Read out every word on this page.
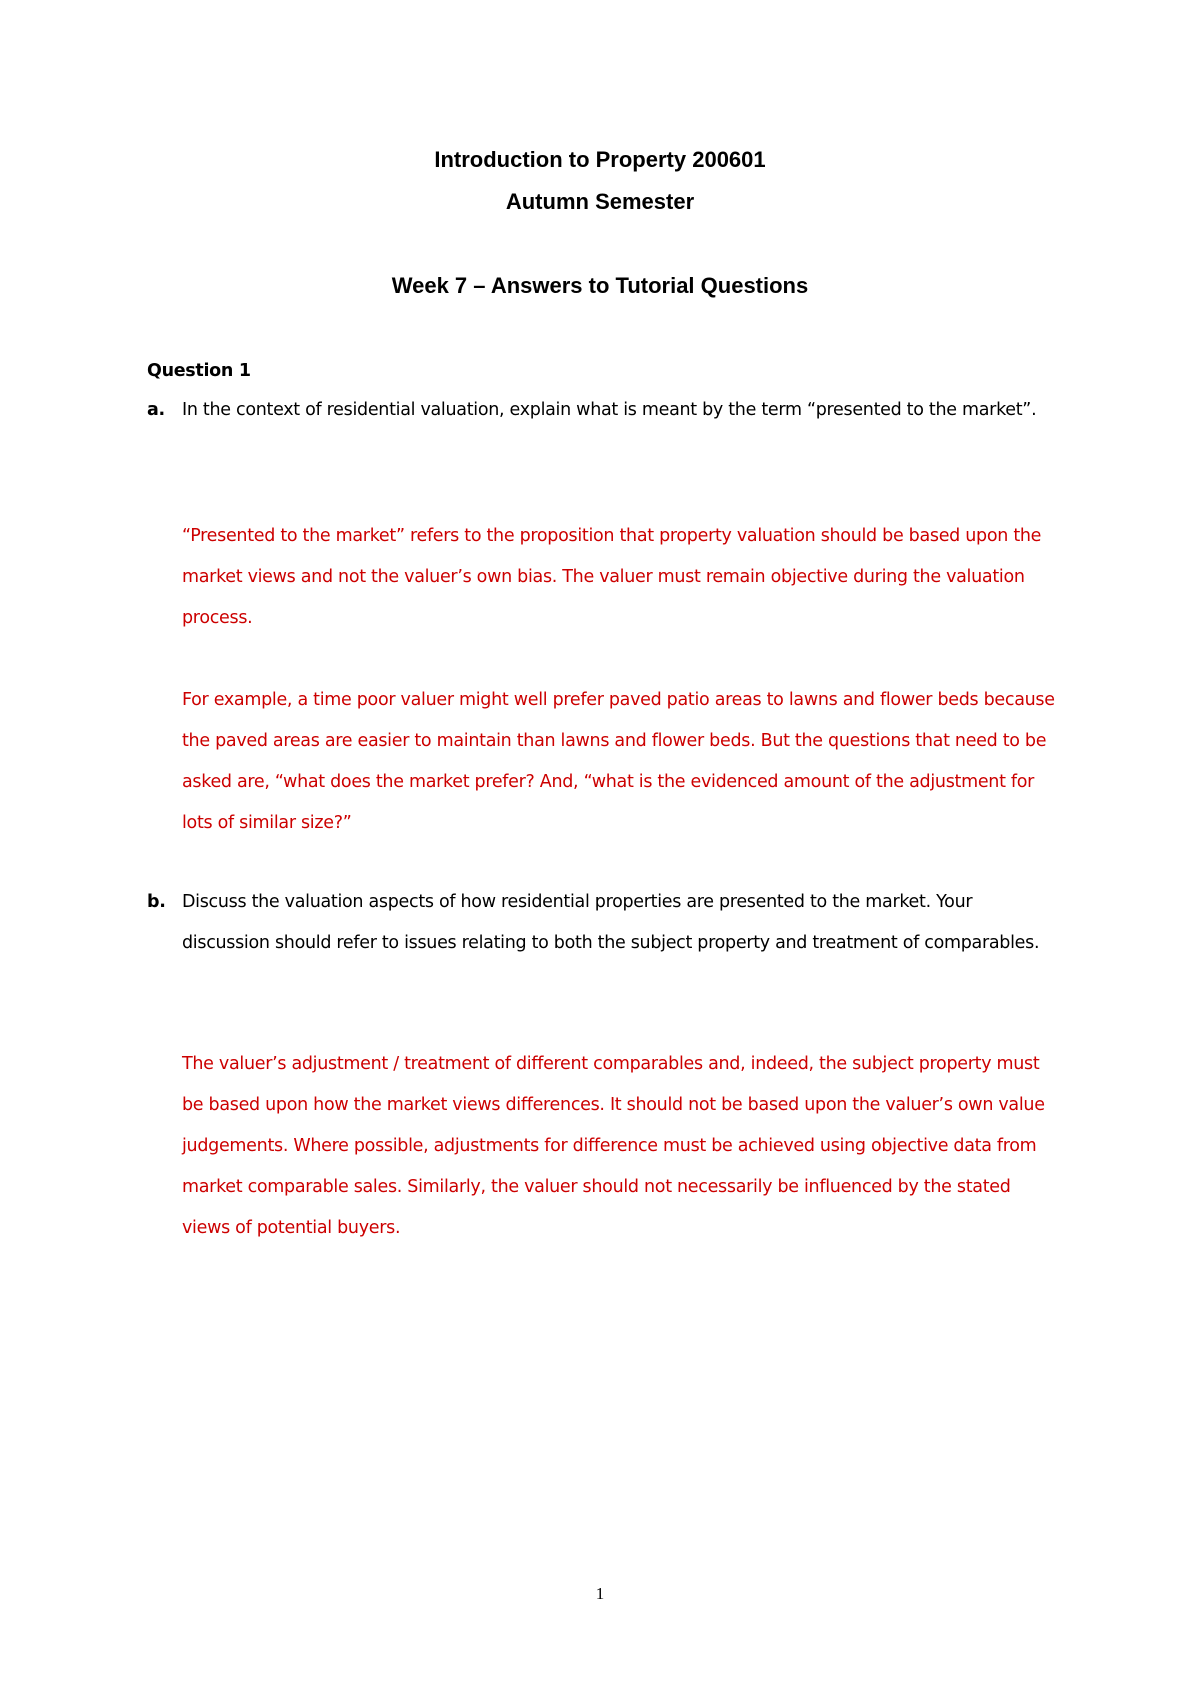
Introduction to Property 200601
Autumn Semester
Week 7 – Answers to Tutorial Questions
Question 1
a. In the context of residential valuation, explain what is meant by the term “presented to the market”.
“Presented to the market” refers to the proposition that property valuation should be based upon the market views and not the valuer’s own bias. The valuer must remain objective during the valuation process.
For example, a time poor valuer might well prefer paved patio areas to lawns and flower beds because the paved areas are easier to maintain than lawns and flower beds. But the questions that need to be asked are, “what does the market prefer? And, “what is the evidenced amount of the adjustment for lots of similar size?”
b. Discuss the valuation aspects of how residential properties are presented to the market. Your discussion should refer to issues relating to both the subject property and treatment of comparables.
The valuer’s adjustment / treatment of different comparables and, indeed, the subject property must be based upon how the market views differences. It should not be based upon the valuer’s own value judgements. Where possible, adjustments for difference must be achieved using objective data from market comparable sales. Similarly, the valuer should not necessarily be influenced by the stated views of potential buyers.
1
